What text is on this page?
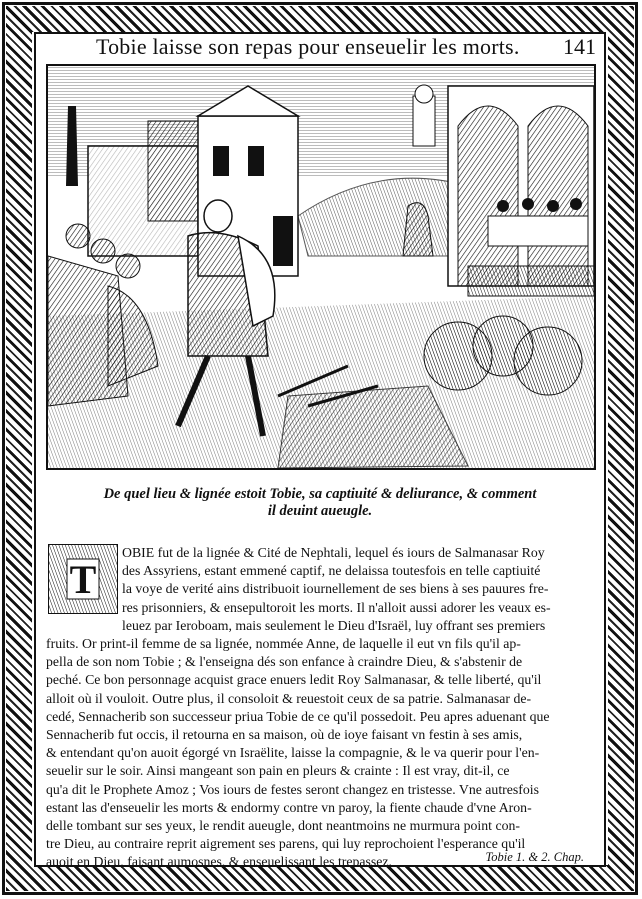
Tobie laisse son repas pour enseuelir les morts. 141
De quel lieu & lignée estoit Tobie, sa captiuité & deliurance, & comment
il deuint aueugle.
T
OBIE fut de la lignée & Cité de Nephtali, lequel és iours de Salmanasar Roy
des Assyriens, estant emmené captif, ne delaissa toutesfois en telle captiuité
la voye de verité ains distribuoit iournellement de ses biens à ses pauures fre-
res prisonniers, & ensepultoroit les morts. Il n'alloit aussi adorer les veaux es-
leuez par Ieroboam, mais seulement le Dieu d'Israël, luy offrant ses premiers
fruits. Or print-il femme de sa lignée, nommée Anne, de laquelle il eut vn fils qu'il ap-
pella de son nom Tobie ; & l'enseigna dés son enfance à craindre Dieu, & s'abstenir de
peché. Ce bon personnage acquist grace enuers ledit Roy Salmanasar, & telle liberté, qu'il
alloit où il vouloit. Outre plus, il consoloit & reuestoit ceux de sa patrie. Salmanasar de-
cedé, Sennacherib son successeur priua Tobie de ce qu'il possedoit. Peu apres aduenant que
Sennacherib fut occis, il retourna en sa maison, où de ioye faisant vn festin à ses amis,
& entendant qu'on auoit égorgé vn Israëlite, laisse la compagnie, & le va querir pour l'en-
seuelir sur le soir. Ainsi mangeant son pain en pleurs & crainte : Il est vray, dit-il, ce
qu'a dit le Prophete Amoz ; Vos iours de festes seront changez en tristesse. Vne autresfois
estant las d'enseuelir les morts & endormy contre vn paroy, la fiente chaude d'vne Aron-
delle tombant sur ses yeux, le rendit aueugle, dont neantmoins ne murmura point con-
tre Dieu, au contraire reprit aigrement ses parens, qui luy reprochoient l'esperance qu'il
auoit en Dieu, faisant aumosnes, & enseuelissant les trepassez.	Tobie 1. & 2. Chap.
